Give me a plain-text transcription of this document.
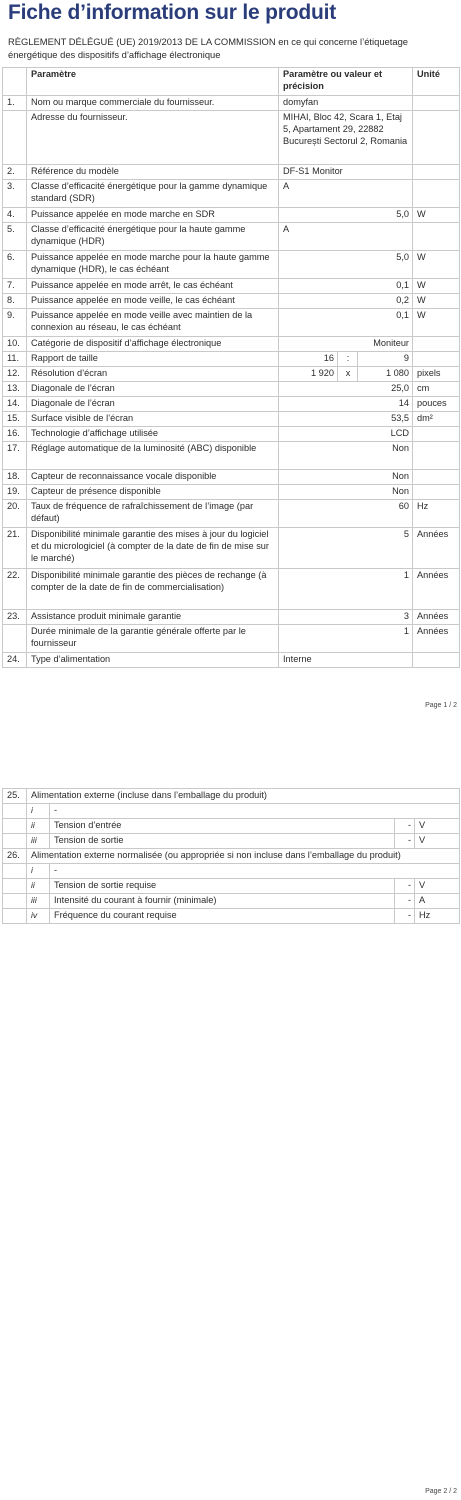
Fiche d’information sur le produit
RÈGLEMENT DÉLÉGUÉ (UE) 2019/2013 DE LA COMMISSION en ce qui concerne l’étiquetage énergétique des dispositifs d’affichage électronique
	Paramètre	Paramètre ou valeur et précision			Unité
1.	Nom ou marque commerciale du fournisseur.	domyfan			
	Adresse du fournisseur.	MIHAI, Bloc 42, Scara 1, Etaj 5, Apartament 29, 22882 București Sectorul 2, Romania			
2.	Référence du modèle	DF-S1 Monitor			
3.	Classe d’efficacité énergétique pour la gamme dynamique standard (SDR)	A			
4.	Puissance appelée en mode marche en SDR	5,0			W
5.	Classe d’efficacité énergétique pour la haute gamme dynamique (HDR)	A			
6.	Puissance appelée en mode marche pour la haute gamme dynamique (HDR), le cas échéant	5,0			W
7.	Puissance appelée en mode arrêt, le cas échéant	0,1			W
8.	Puissance appelée en mode veille, le cas échéant	0,2			W
9.	Puissance appelée en mode veille avec maintien de la connexion au réseau, le cas échéant	0,1			W
10.	Catégorie de dispositif d’affichage électronique	Moniteur			
11.	Rapport de taille	16	:	9	
12.	Résolution d’écran	1 920	x	1 080	pixels
13.	Diagonale de l’écran	25,0			cm
14.	Diagonale de l’écran	14			pouces
15.	Surface visible de l’écran	53,5			dm²
16.	Technologie d’affichage utilisée	LCD			
17.	Réglage automatique de la luminosité (ABC) disponible	Non			
18.	Capteur de reconnaissance vocale disponible	Non			
19.	Capteur de présence disponible	Non			
20.	Taux de fréquence de rafraîchissement de l’image (par défaut)	60			Hz
21.	Disponibilité minimale garantie des mises à jour du logiciel et du micrologiciel (à compter de la date de fin de mise sur le marché)	5			Années
22.	Disponibilité minimale garantie des pièces de rechange (à compter de la date de fin de commercialisation)	1			Années
23.	Assistance produit minimale garantie	3			Années
	Durée minimale de la garantie générale offerte par le fournisseur	1			Années
24.	Type d’alimentation	Interne			
Page 1 / 2
25.	Alimentation externe (incluse dans l’emballage du produit)			
	i	-		
	ii	Tension d’entrée	-	V
	iii	Tension de sortie	-	V
26.	Alimentation externe normalisée (ou appropriée si non incluse dans l’emballage du produit)			
	i	-		
	ii	Tension de sortie requise	-	V
	iii	Intensité du courant à fournir (minimale)	-	A
	iv	Fréquence du courant requise	-	Hz
Page 2 / 2
